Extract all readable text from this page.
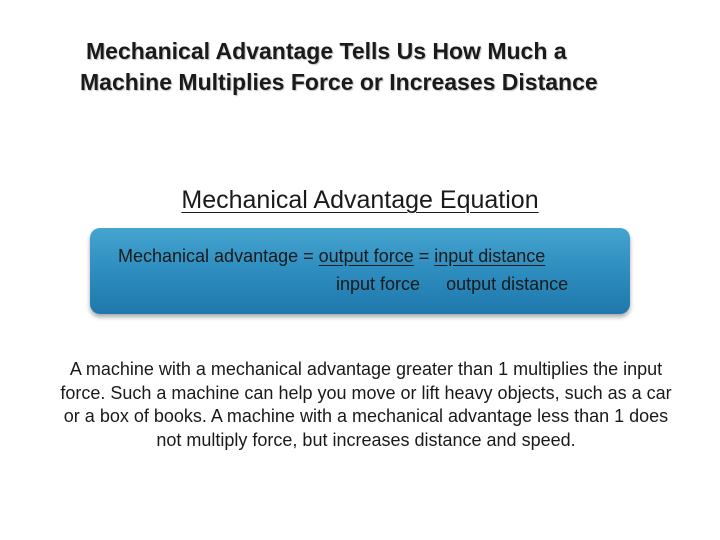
Mechanical Advantage Tells Us How Much a
Machine Multiplies Force or Increases Distance
Mechanical Advantage Equation
Mechanical advantage = output force = input distance
input force output distance
A machine with a mechanical advantage greater than 1 multiplies the input force. Such a machine can help you move or lift heavy objects, such as a car or a box of books. A machine with a mechanical advantage less than 1 does not multiply force, but increases distance and speed.
